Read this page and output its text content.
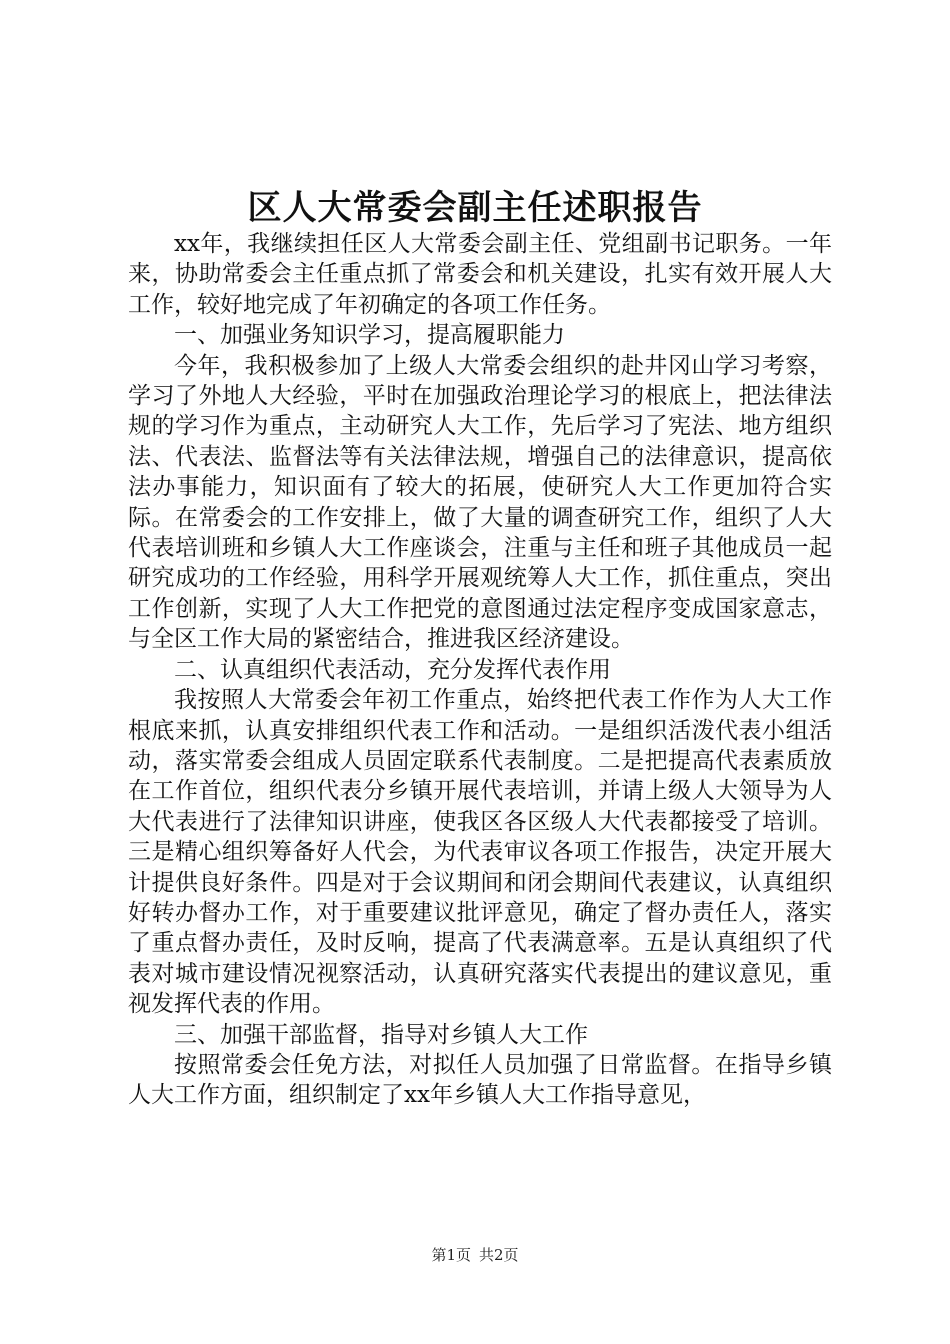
区人大常委会副主任述职报告

xx年，我继续担任区人大常委会副主任、党组副书记职务。一年来，协助常委会主任重点抓了常委会和机关建设，扎实有效开展人大工作，较好地完成了年初确定的各项工作任务。

一、加强业务知识学习，提高履职能力

今年，我积极参加了上级人大常委会组织的赴井冈山学习考察，学习了外地人大经验，平时在加强政治理论学习的根底上，把法律法规的学习作为重点，主动研究人大工作，先后学习了宪法、地方组织法、代表法、监督法等有关法律法规，增强自己的法律意识，提高依法办事能力，知识面有了较大的拓展，使研究人大工作更加符合实际。在常委会的工作安排上，做了大量的调查研究工作，组织了人大代表培训班和乡镇人大工作座谈会，注重与主任和班子其他成员一起研究成功的工作经验，用科学开展观统筹人大工作，抓住重点，突出工作创新，实现了人大工作把党的意图通过法定程序变成国家意志，与全区工作大局的紧密结合，推进我区经济建设。

二、认真组织代表活动，充分发挥代表作用

我按照人大常委会年初工作重点，始终把代表工作作为人大工作根底来抓，认真安排组织代表工作和活动。一是组织活泼代表小组活动，落实常委会组成人员固定联系代表制度。二是把提高代表素质放在工作首位，组织代表分乡镇开展代表培训，并请上级人大领导为人大代表进行了法律知识讲座，使我区各区级人大代表都接受了培训。三是精心组织筹备好人代会，为代表审议各项工作报告，决定开展大计提供良好条件。四是对于会议期间和闭会期间代表建议，认真组织好转办督办工作，对于重要建议批评意见，确定了督办责任人，落实了重点督办责任，及时反响，提高了代表满意率。五是认真组织了代表对城市建设情况视察活动，认真研究落实代表提出的建议意见，重视发挥代表的作用。

三、加强干部监督，指导对乡镇人大工作

按照常委会任免方法，对拟任人员加强了日常监督。在指导乡镇人大工作方面，组织制定了xx年乡镇人大工作指导意见，

第1页 共2页
